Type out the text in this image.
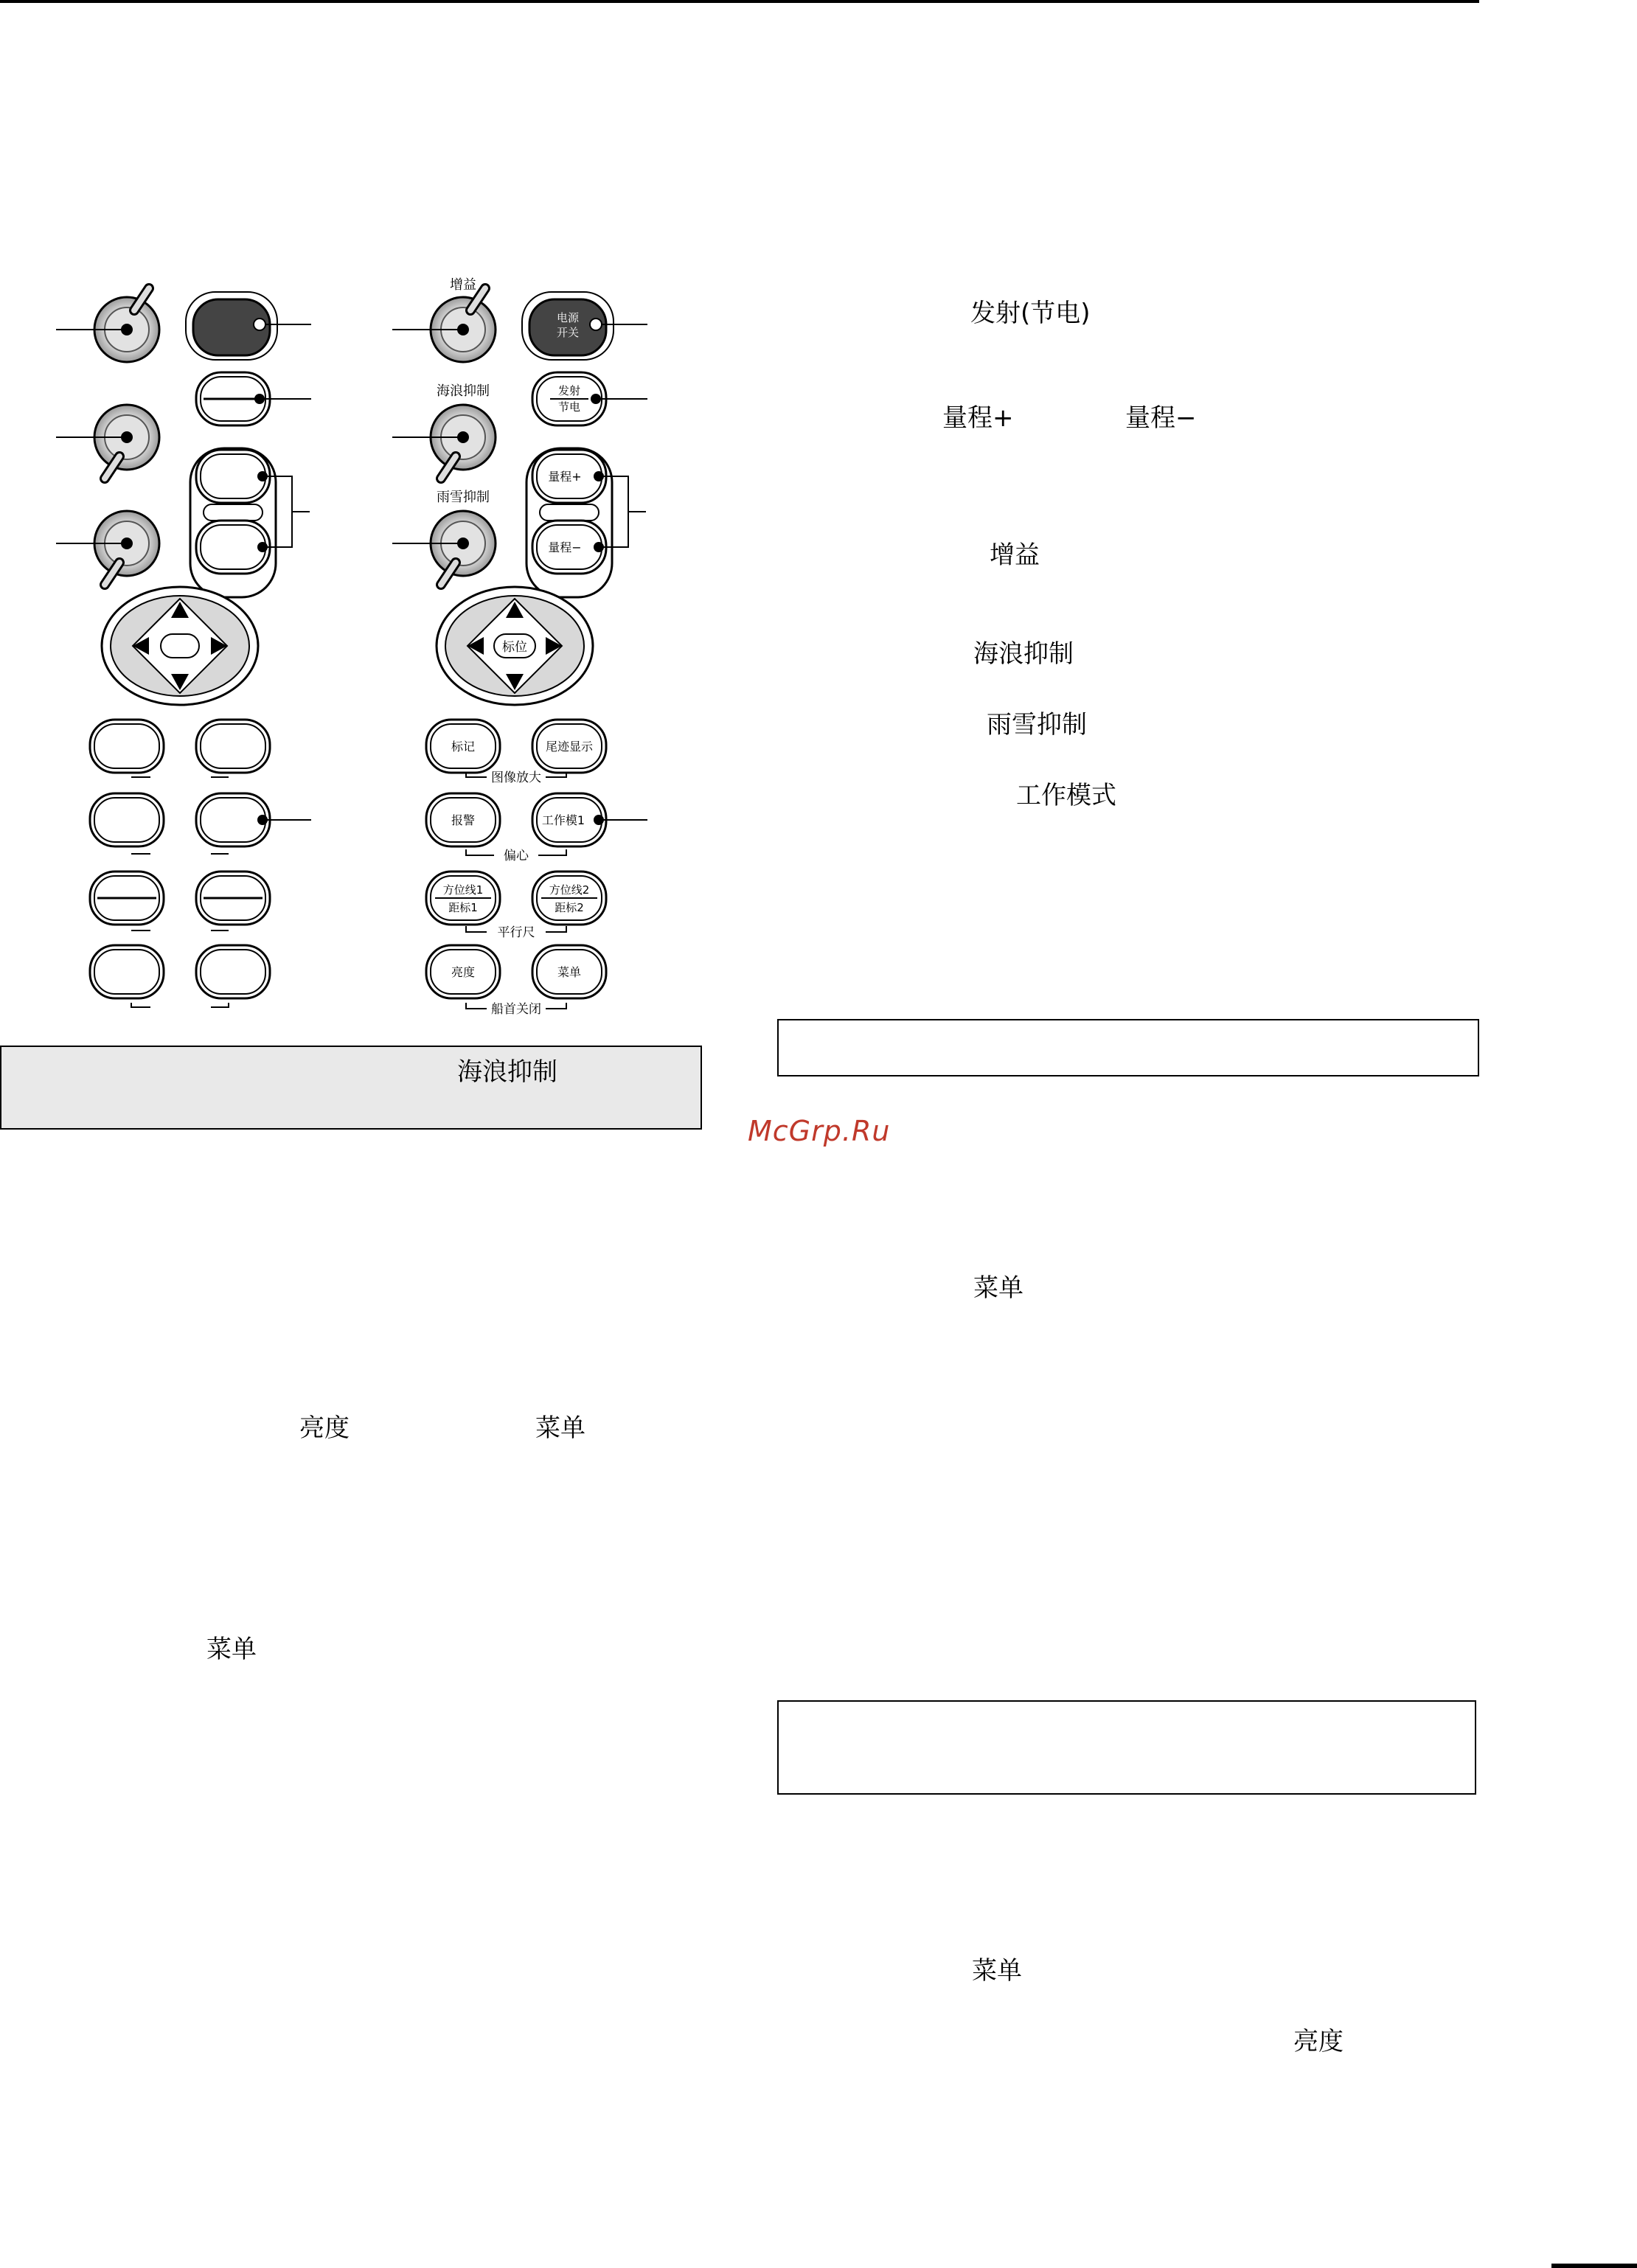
增益
海浪抑制
雨雪抑制
电源
开关
发射
节电
量程+
量程−
标位
标记	尾迹显示
图像放大
报警	工作模1
偏心
方位线1
距标1
方位线2
距标2
平行尺
亮度	菜单
船首关闭
海浪抑制
亮度	菜单
菜单
发射(节电)
量程+	量程−
增益
海浪抑制
雨雪抑制
工作模式
McGrp.Ru
菜单
菜单
亮度
